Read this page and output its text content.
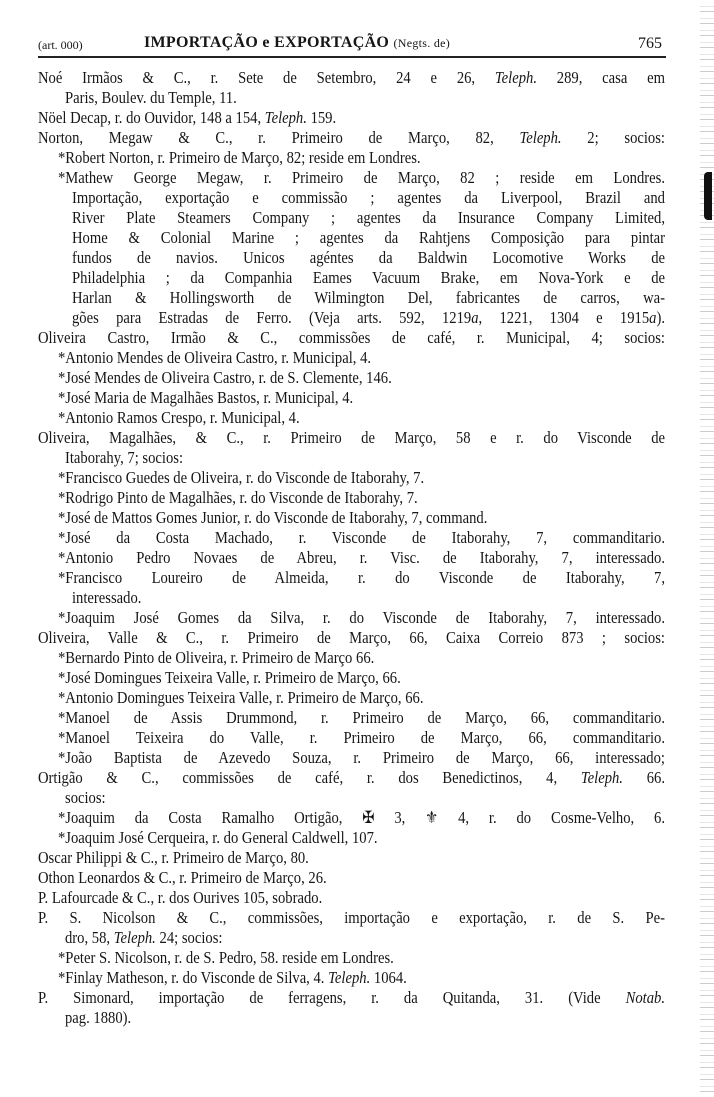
(art. 000)	IMPORTAÇÃO e EXPORTAÇÃO (Negts. de)	765
Noé Irmãos & C., r. Sete de Setembro, 24 e 26, Teleph. 289, casa em
Paris, Boulev. du Temple, 11.
Nöel Decap, r. do Ouvidor, 148 a 154, Teleph. 159.
Norton, Megaw & C., r. Primeiro de Março, 82, Teleph. 2; socios:
*Robert Norton, r. Primeiro de Março, 82; reside em Londres.
*Mathew George Megaw, r. Primeiro de Março, 82 ; reside em Londres.
Importação, exportação e commissão ; agentes da Liverpool, Brazil and
River Plate Steamers Company ; agentes da Insurance Company Limited,
Home & Colonial Marine ; agentes da Rahtjens Composição para pintar
fundos de navios. Unicos agéntes da Baldwin Locomotive Works de
Philadelphia ; da Companhia Eames Vacuum Brake, em Nova-York e de
Harlan & Hollingsworth de Wilmington Del, fabricantes de carros, wa-
gões para Estradas de Ferro. (Veja arts. 592, 1219a, 1221, 1304 e 1915a).
Oliveira Castro, Irmão & C., commissões de café, r. Municipal, 4; socios:
*Antonio Mendes de Oliveira Castro, r. Municipal, 4.
*José Mendes de Oliveira Castro, r. de S. Clemente, 146.
*José Maria de Magalhães Bastos, r. Municipal, 4.
*Antonio Ramos Crespo, r. Municipal, 4.
Oliveira, Magalhães, & C., r. Primeiro de Março, 58 e r. do Visconde de
Itaborahy, 7; socios:
*Francisco Guedes de Oliveira, r. do Visconde de Itaborahy, 7.
*Rodrigo Pinto de Magalhães, r. do Visconde de Itaborahy, 7.
*José de Mattos Gomes Junior, r. do Visconde de Itaborahy, 7, command.
*José da Costa Machado, r. Visconde de Itaborahy, 7, commanditario.
*Antonio Pedro Novaes de Abreu, r. Visc. de Itaborahy, 7, interessado.
*Francisco Loureiro de Almeida, r. do Visconde de Itaborahy, 7,
interessado.
*Joaquim José Gomes da Silva, r. do Visconde de Itaborahy, 7, interessado.
Oliveira, Valle & C., r. Primeiro de Março, 66, Caixa Correio 873 ; socios:
*Bernardo Pinto de Oliveira, r. Primeiro de Março 66.
*José Domingues Teixeira Valle, r. Primeiro de Março, 66.
*Antonio Domingues Teixeira Valle, r. Primeiro de Março, 66.
*Manoel de Assis Drummond, r. Primeiro de Março, 66, commanditario.
*Manoel Teixeira do Valle, r. Primeiro de Março, 66, commanditario.
*João Baptista de Azevedo Souza, r. Primeiro de Março, 66, interessado;
Ortigão & C., commissões de café, r. dos Benedictinos, 4, Teleph. 66.
socios:
*Joaquim da Costa Ramalho Ortigão, ✠ 3, ⚜ 4, r. do Cosme-Velho, 6.
*Joaquim José Cerqueira, r. do General Caldwell, 107.
Oscar Philippi & C., r. Primeiro de Março, 80.
Othon Leonardos & C., r. Primeiro de Março, 26.
P. Lafourcade & C., r. dos Ourives 105, sobrado.
P. S. Nicolson & C., commissões, importação e exportação, r. de S. Pe-
dro, 58, Teleph. 24; socios:
*Peter S. Nicolson, r. de S. Pedro, 58. reside em Londres.
*Finlay Matheson, r. do Visconde de Silva, 4. Teleph. 1064.
P. Simonard, importação de ferragens, r. da Quitanda, 31. (Vide Notab.
pag. 1880).
